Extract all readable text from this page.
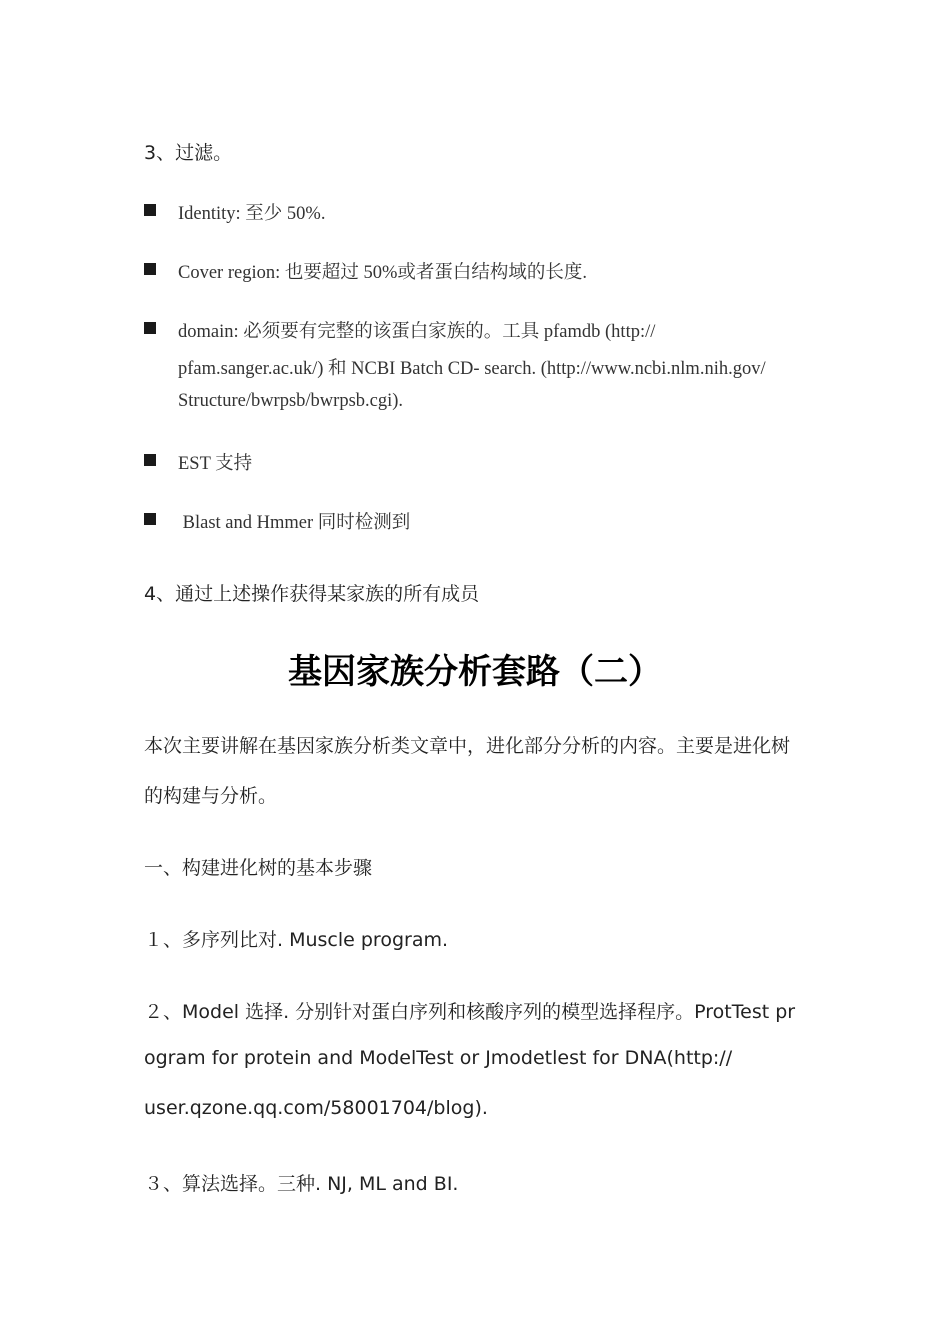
3、过滤。
Identity: 至少 50%.
Cover region: 也要超过 50%或者蛋白结构域的长度.
domain: 必须要有完整的该蛋白家族的。工具 pfamdb (http://
pfam.sanger.ac.uk/) 和 NCBI Batch CD- search. (http://www.ncbi.nlm.nih.gov/
Structure/bwrpsb/bwrpsb.cgi).
EST 支持
Blast and Hmmer 同时检测到
4、通过上述操作获得某家族的所有成员
基因家族分析套路（二）
本次主要讲解在基因家族分析类文章中，进化部分分析的内容。主要是进化树
的构建与分析。
一、构建进化树的基本步骤
１、多序列比对. Muscle program.
２、Model 选择. 分别针对蛋白序列和核酸序列的模型选择程序。ProtTest pr
ogram for protein and ModelTest or Jmodetlest for DNA(http://
user.qzone.qq.com/58001704/blog).
３、算法选择。三种. NJ, ML and BI.
